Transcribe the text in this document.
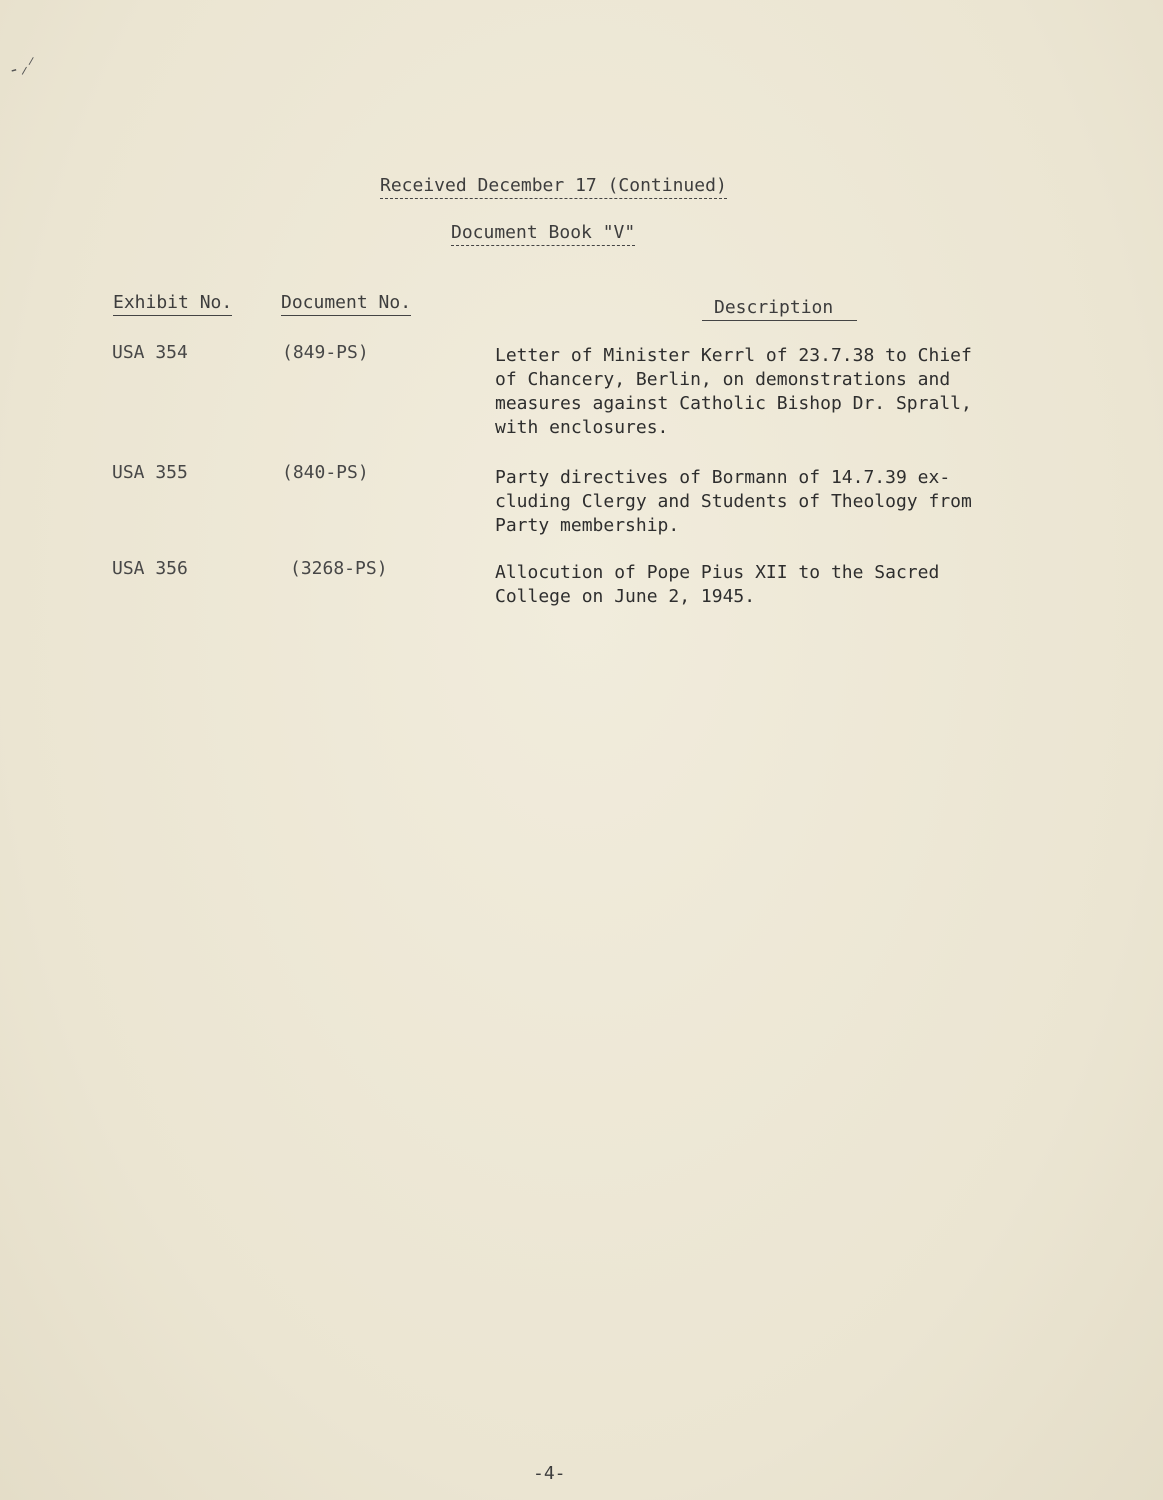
-⸝⸍
Received December 17 (Continued)
Document Book "V"
Exhibit No.	Document No.	Description
USA 354	(849-PS)	Letter of Minister Kerrl of 23.7.38 to Chief
of Chancery, Berlin, on demonstrations and
measures against Catholic Bishop Dr. Sprall,
with enclosures.
USA 355	(840-PS)	Party directives of Bormann of 14.7.39 ex-
cluding Clergy and Students of Theology from
Party membership.
USA 356	(3268-PS)	Allocution of Pope Pius XII to the Sacred
College on June 2, 1945.
-4-
